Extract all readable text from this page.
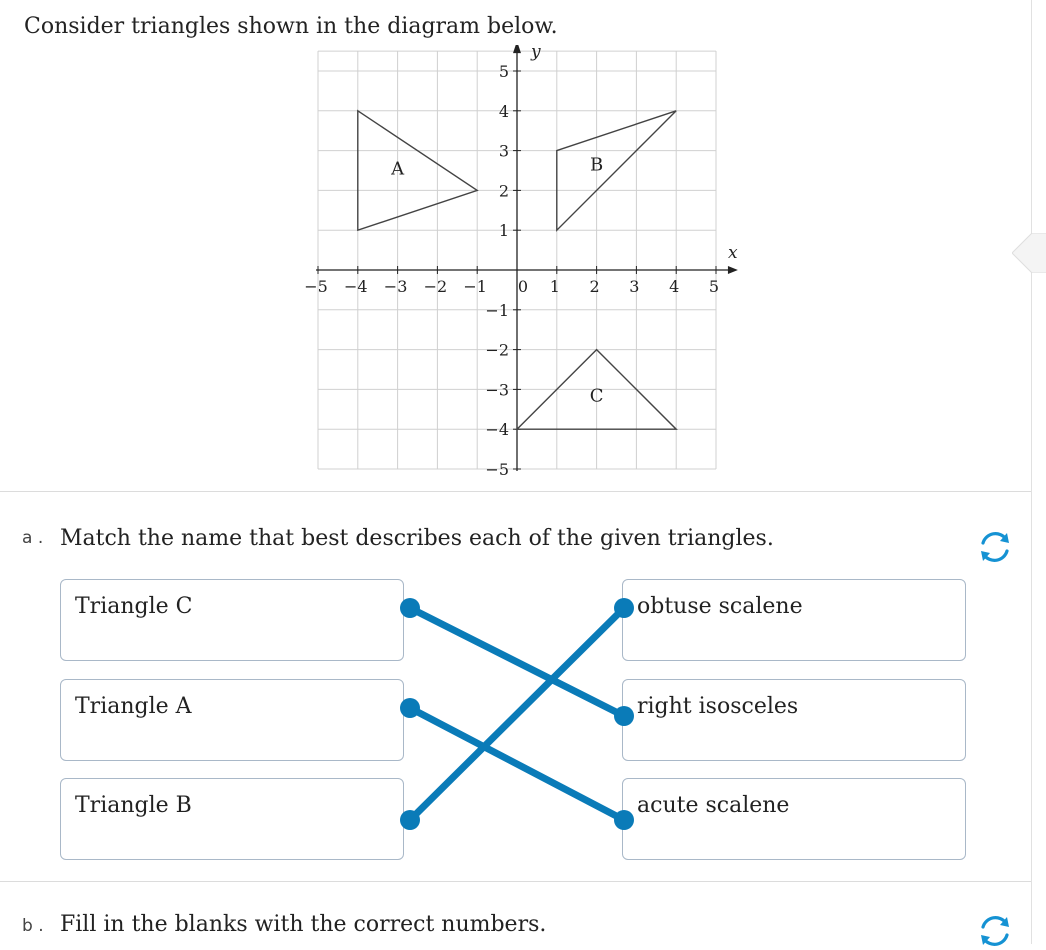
Consider triangles shown in the diagram below.
−5 −4 −3 −2 −1 0 1 2 3 4 5
5
4
3
2
1
−1
−2
−3
−4
−5
x
y
A	B
C
a . Match the name that best describes each of the given triangles.
Triangle C
Triangle A
Triangle B
obtuse scalene
right isosceles
acute scalene
b . Fill in the blanks with the correct numbers.
